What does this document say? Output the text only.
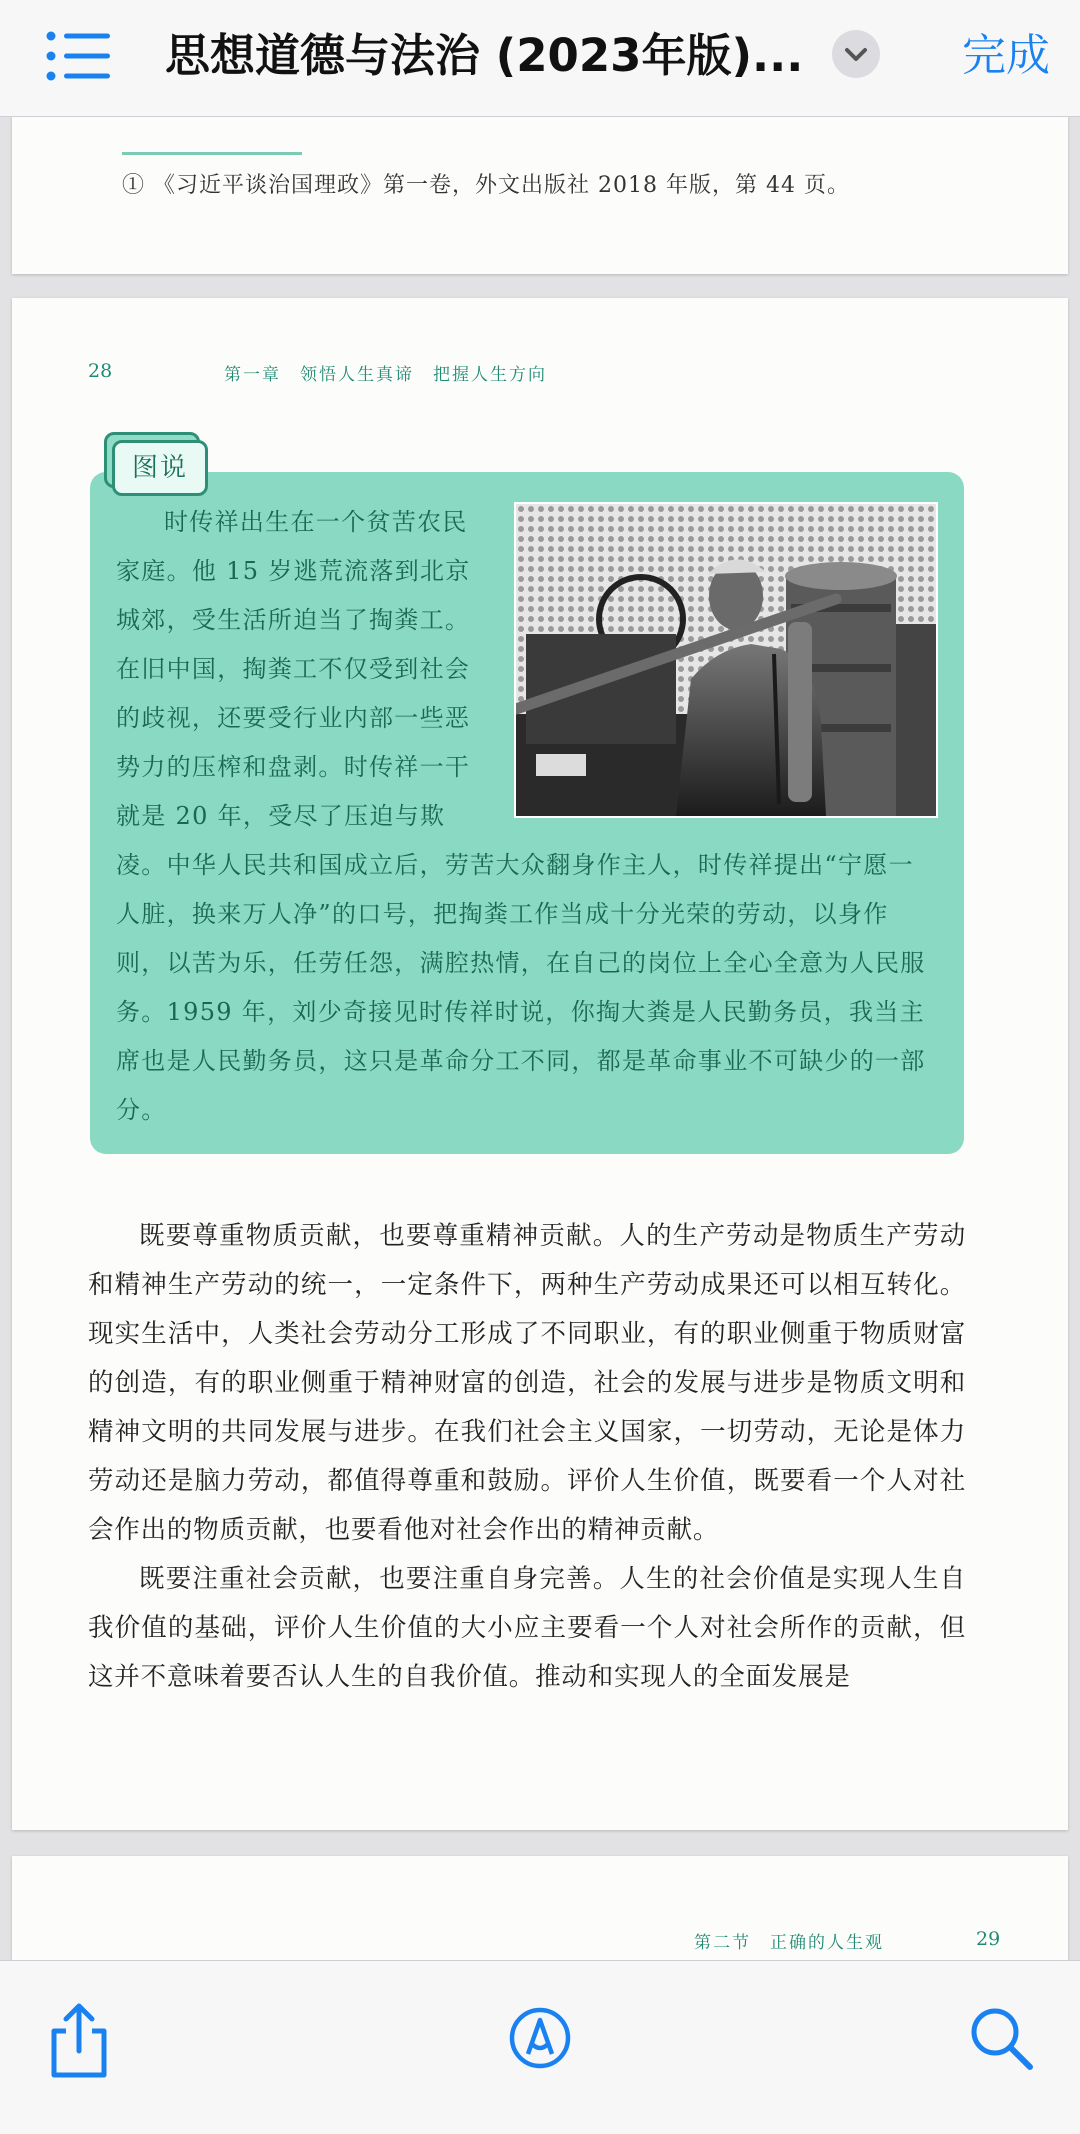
思想道德与法治 (2023年版)...	完成
① 《习近平谈治国理政》第一卷，外文出版社 2018 年版，第 44 页。
28	第一章　领悟人生真谛　把握人生方向

时传祥出生在一个贫苦农民家庭。他 15 岁逃荒流落到北京城郊，受生活所迫当了掏粪工。在旧中国，掏粪工不仅受到社会的歧视，还要受行业内部一些恶势力的压榨和盘剥。时传祥一干就是 20 年，受尽了压迫与欺凌。中华人民共和国成立后，劳苦大众翻身作主人，时传祥提出“宁愿一人脏，换来万人净”的口号，把掏粪工作当成十分光荣的劳动，以身作则，以苦为乐，任劳任怨，满腔热情，在自己的岗位上全心全意为人民服务。1959 年，刘少奇接见时传祥时说，你掏大粪是人民勤务员，我当主席也是人民勤务员，这只是革命分工不同，都是革命事业不可缺少的一部分。

图说

既要尊重物质贡献，也要尊重精神贡献。人的生产劳动是物质生产劳动和精神生产劳动的统一，一定条件下，两种生产劳动成果还可以相互转化。现实生活中，人类社会劳动分工形成了不同职业，有的职业侧重于物质财富的创造，有的职业侧重于精神财富的创造，社会的发展与进步是物质文明和精神文明的共同发展与进步。在我们社会主义国家，一切劳动，无论是体力劳动还是脑力劳动，都值得尊重和鼓励。评价人生价值，既要看一个人对社会作出的物质贡献，也要看他对社会作出的精神贡献。

既要注重社会贡献，也要注重自身完善。人生的社会价值是实现人生自我价值的基础，评价人生价值的大小应主要看一个人对社会所作的贡献，但这并不意味着要否认人生的自我价值。推动和实现人的全面发展是

第二节　正确的人生观	29
